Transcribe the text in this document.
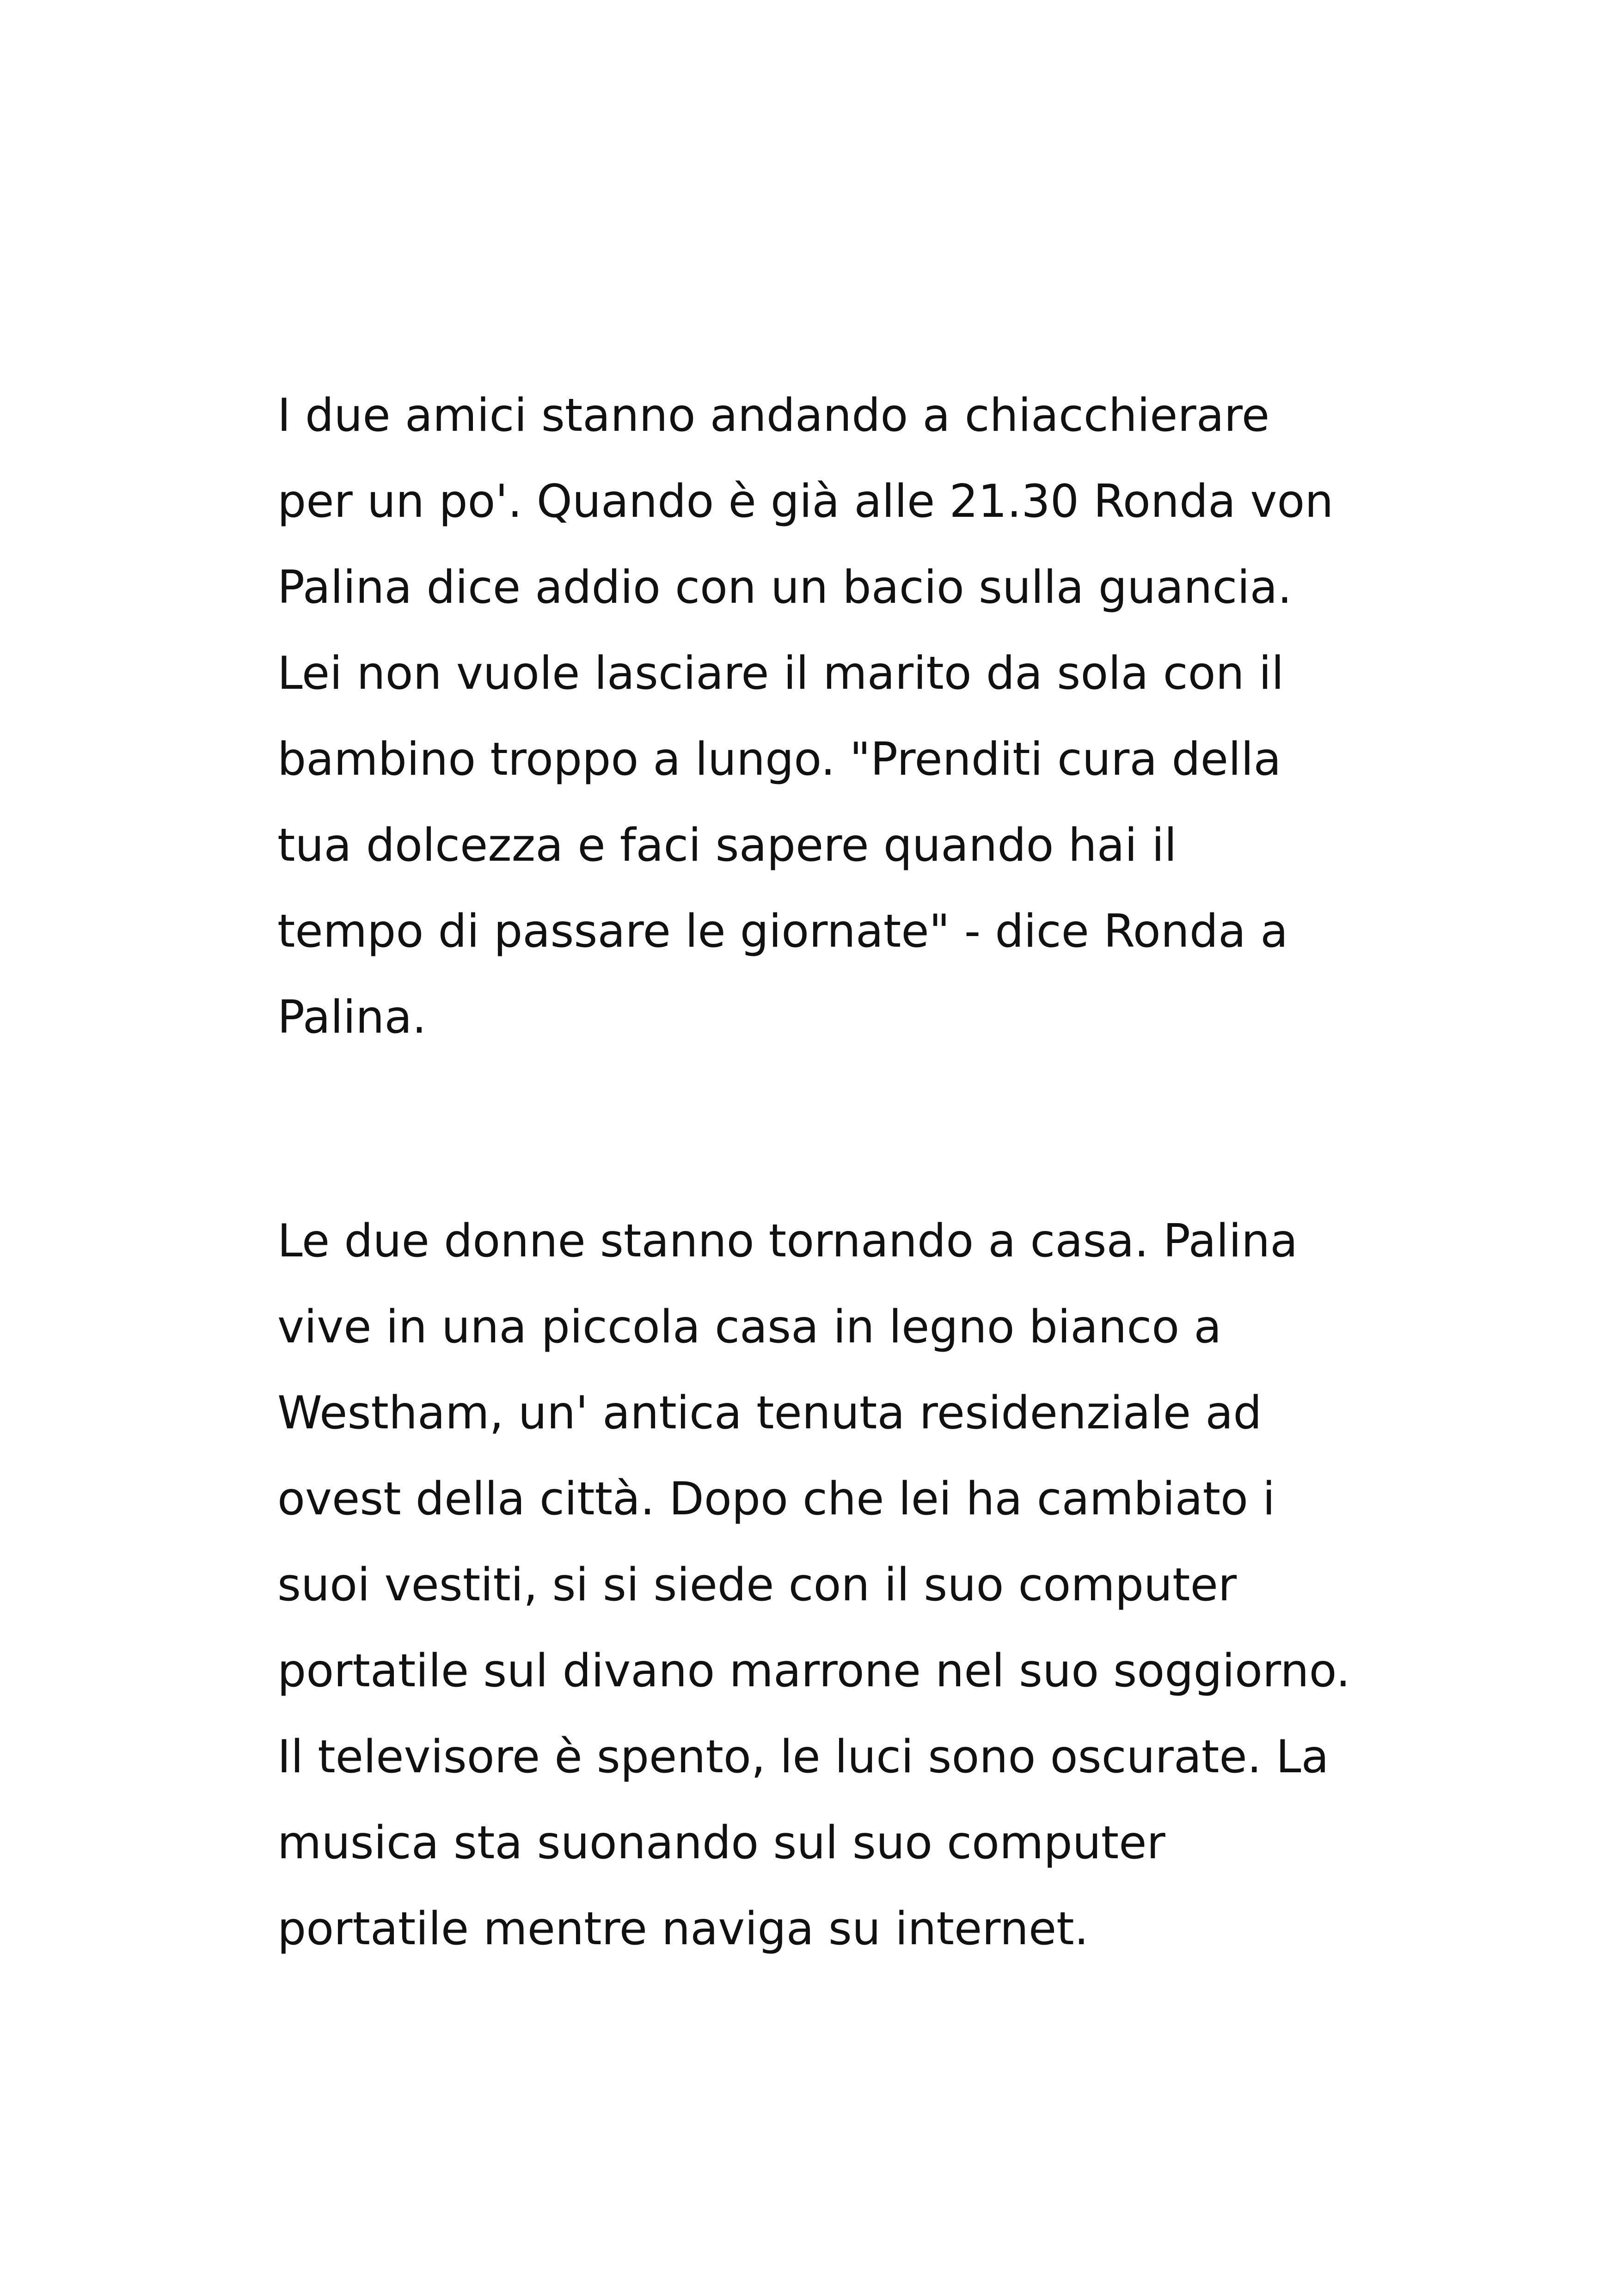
I due amici stanno andando a chiacchierare
per un po'. Quando è già alle 21.30 Ronda von
Palina dice addio con un bacio sulla guancia.
Lei non vuole lasciare il marito da sola con il
bambino troppo a lungo. "Prenditi cura della
tua dolcezza e faci sapere quando hai il
tempo di passare le giornate" - dice Ronda a
Palina.

Le due donne stanno tornando a casa. Palina
vive in una piccola casa in legno bianco a
Westham, un' antica tenuta residenziale ad
ovest della città. Dopo che lei ha cambiato i
suoi vestiti, si si siede con il suo computer
portatile sul divano marrone nel suo soggiorno.
Il televisore è spento, le luci sono oscurate. La
musica sta suonando sul suo computer
portatile mentre naviga su internet.
